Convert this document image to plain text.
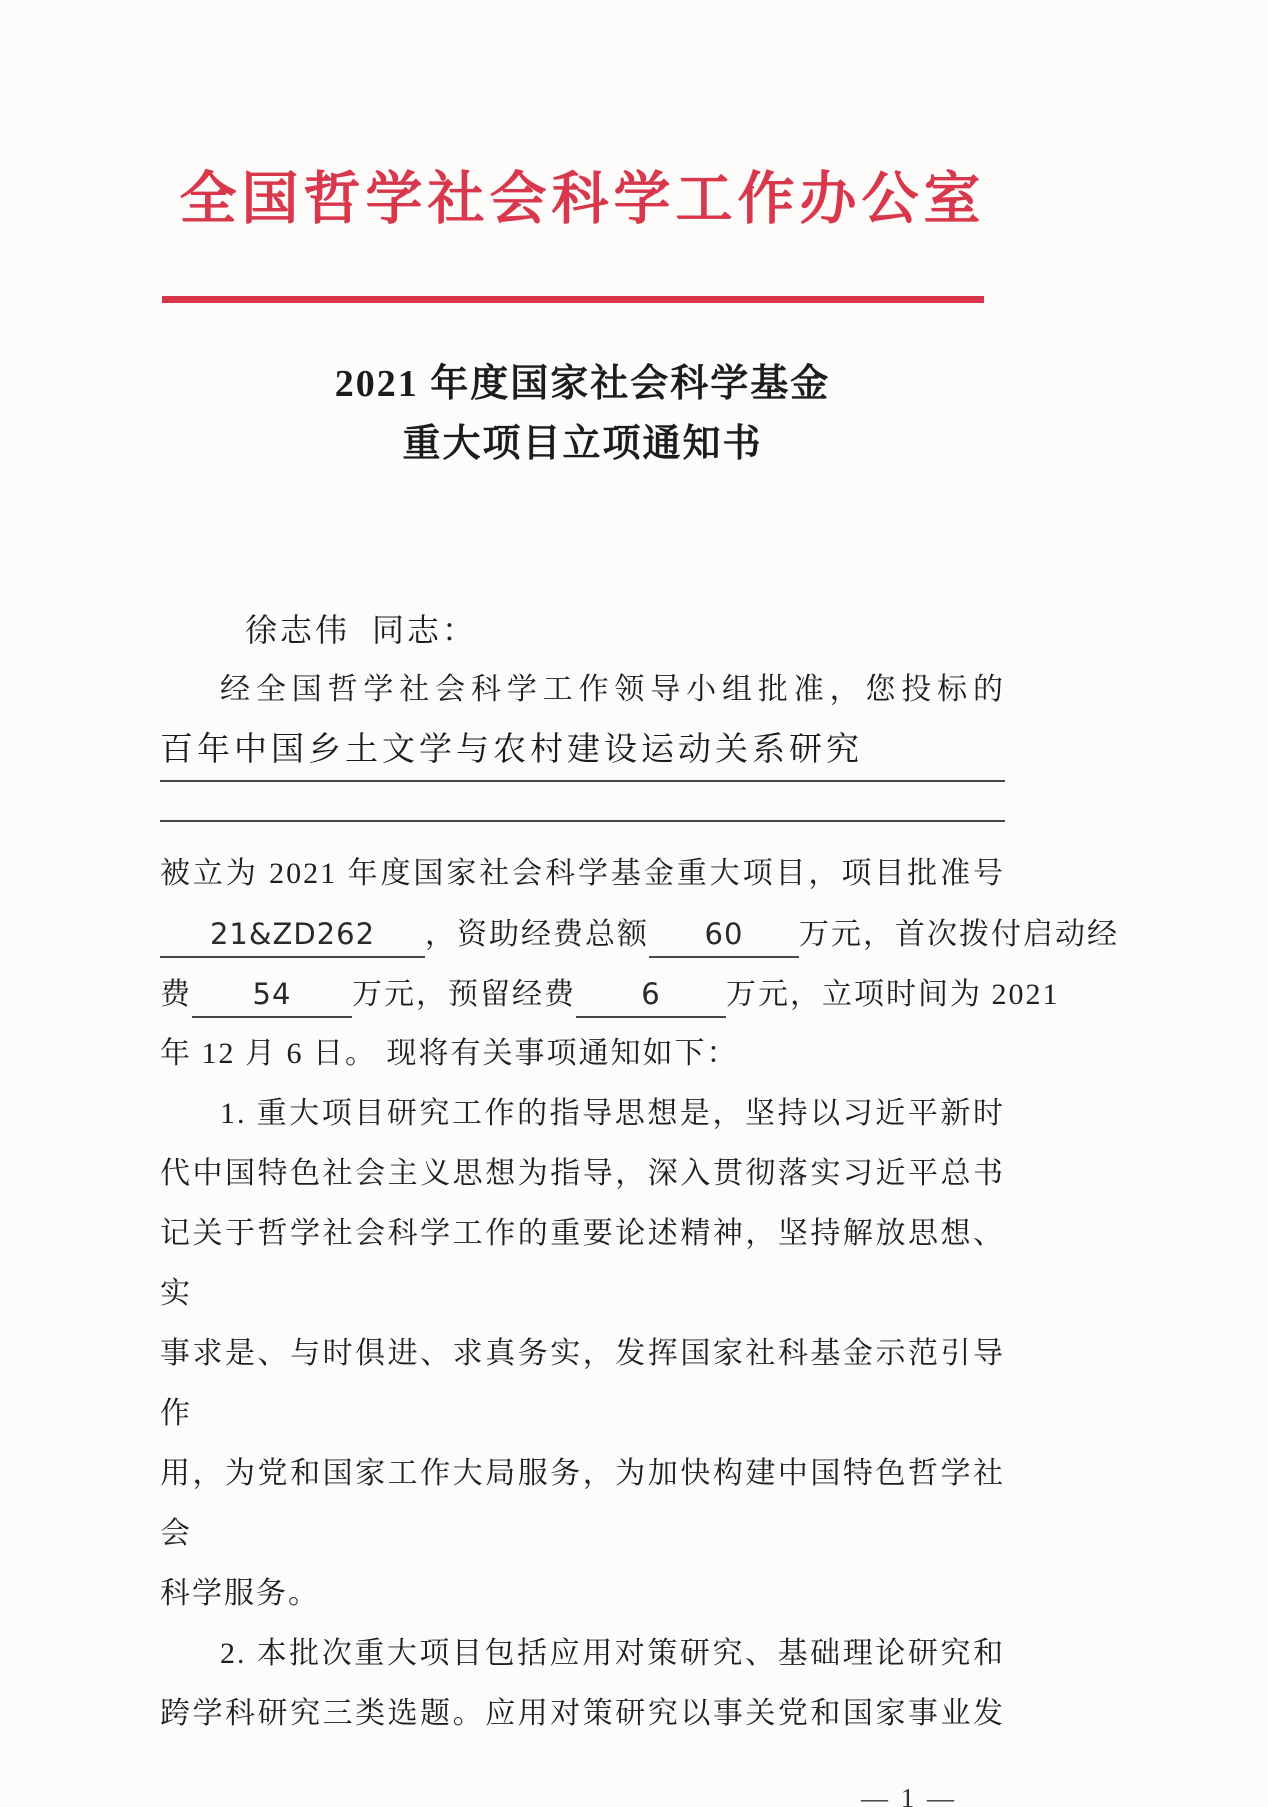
全国哲学社会科学工作办公室
2021 年度国家社会科学基金
重大项目立项通知书
徐志伟 同志：
经全国哲学社会科学工作领导小组批准，您投标的
百年中国乡土文学与农村建设运动关系研究
被立为 2021 年度国家社会科学基金重大项目，项目批准号
21&ZD262	，资助经费总额	60	万元，首次拨付启动经
费	54	万元，预留经费	6	万元，立项时间为 2021
年 12 月 6 日。 现将有关事项通知如下：
1. 重大项目研究工作的指导思想是，坚持以习近平新时
代中国特色社会主义思想为指导，深入贯彻落实习近平总书
记关于哲学社会科学工作的重要论述精神，坚持解放思想、实
事求是、与时俱进、求真务实，发挥国家社科基金示范引导作
用，为党和国家工作大局服务，为加快构建中国特色哲学社会
科学服务。
2. 本批次重大项目包括应用对策研究、基础理论研究和
跨学科研究三类选题。应用对策研究以事关党和国家事业发
— 1 —
